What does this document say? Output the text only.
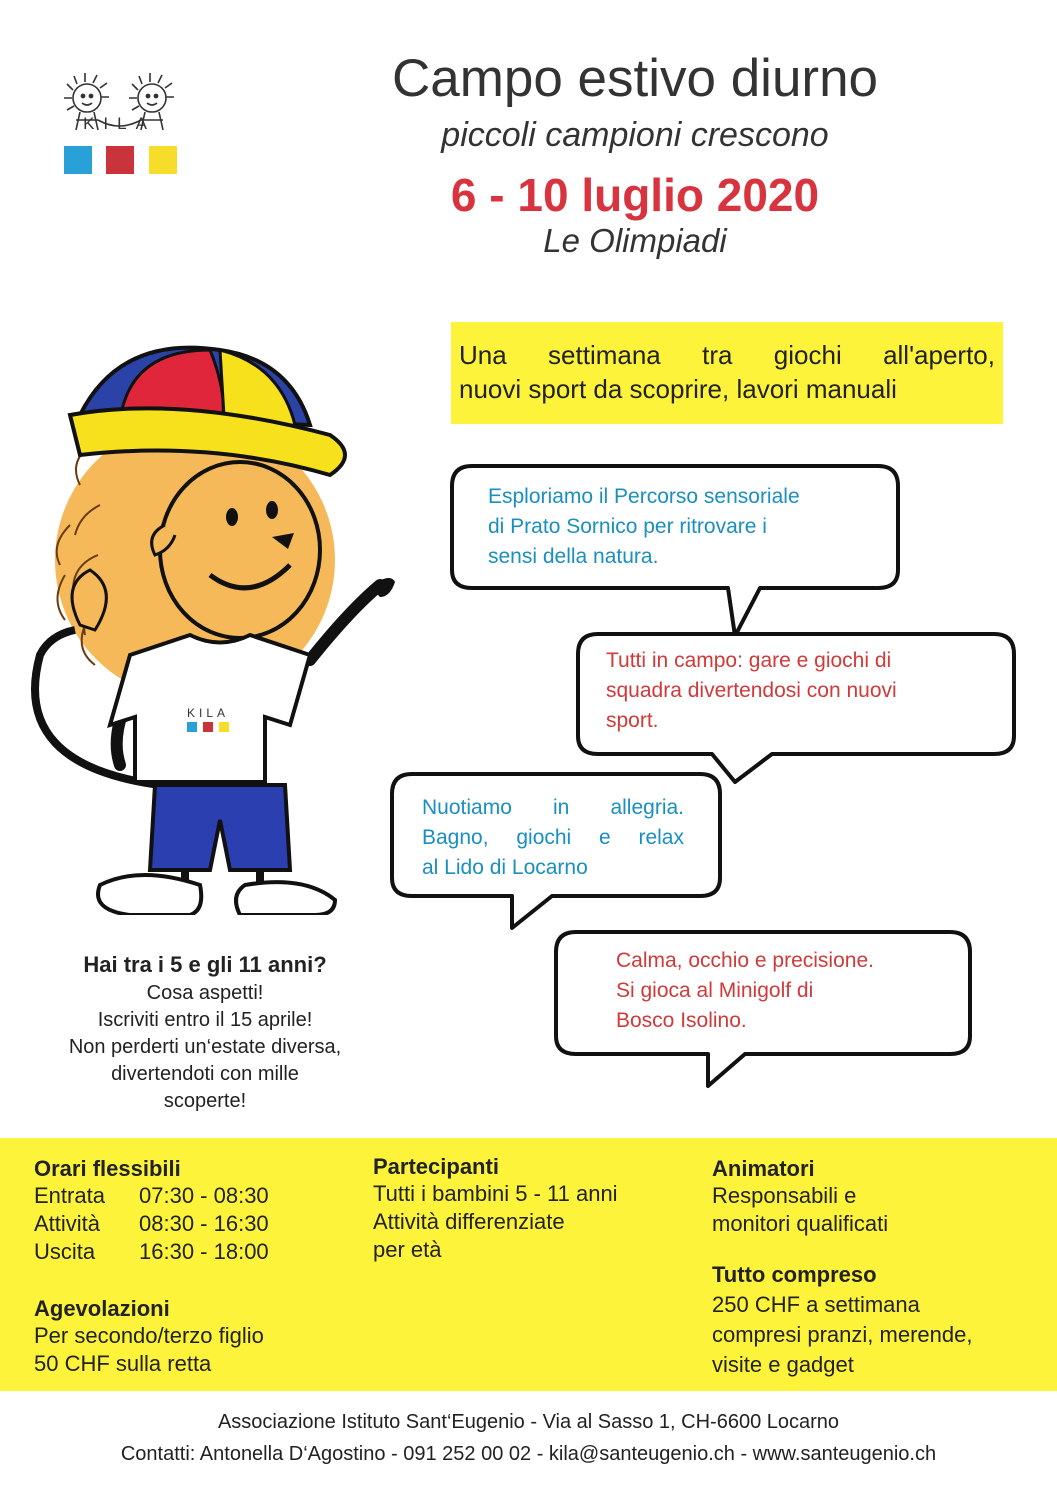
KILA
Campo estivo diurno
piccoli campioni crescono
6 - 10 luglio 2020
Le Olimpiadi
Una settimana tra giochi all'aperto,

nuovi sport da scoprire, lavori manuali
Esploriamo il Percorso sensoriale
di Prato Sornico per ritrovare i
sensi della natura.
Tutti in campo: gare e giochi di
squadra divertendosi con nuovi
sport.
Nuotiamo in allegria.
Bagno, giochi e relax
al Lido di Locarno
Calma, occhio e precisione.
Si gioca al Minigolf di
Bosco Isolino.
KILA
Hai tra i 5 e gli 11 anni?
Cosa aspetti!
Iscriviti entro il 15 aprile!
Non perderti un‘estate diversa,
divertendoti con mille
scoperte!
Orari flessibili
Entrata 07:30 - 08:30
Attività 08:30 - 16:30
Uscita 16:30 - 18:00
Agevolazioni
Per secondo/terzo figlio
50 CHF sulla retta
Partecipanti
Tutti i bambini 5 - 11 anni
Attività differenziate
per età
Animatori
Responsabili e
monitori qualificati
Tutto compreso
250 CHF a settimana
compresi pranzi, merende,
visite e gadget
Associazione Istituto Sant‘Eugenio - Via al Sasso 1, CH-6600 Locarno
Contatti: Antonella D‘Agostino - 091 252 00 02 - kila@santeugenio.ch - www.santeugenio.ch
